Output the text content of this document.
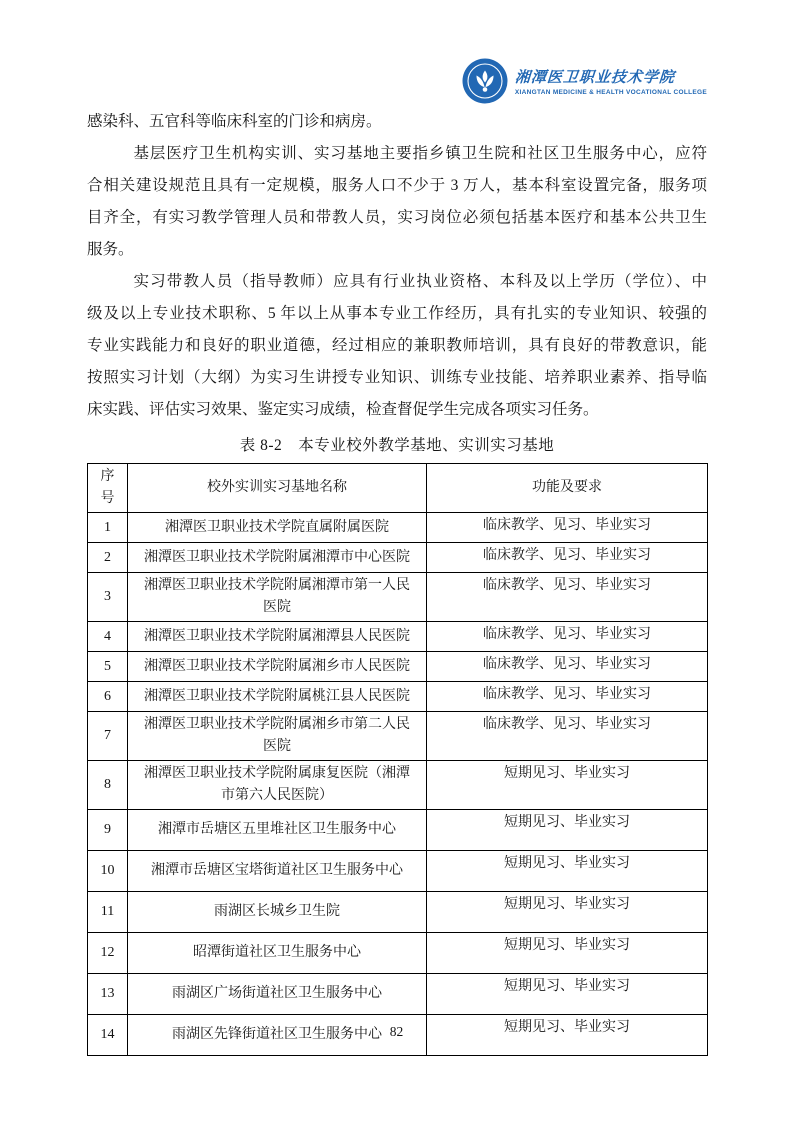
湘潭医卫职业技术学院
XIANGTAN MEDICINE & HEALTH VOCATIONAL COLLEGE
感染科、五官科等临床科室的门诊和病房。
基层医疗卫生机构实训、实习基地主要指乡镇卫生院和社区卫生服务中心，应符
合相关建设规范且具有一定规模，服务人口不少于 3 万人，基本科室设置完备，服务项
目齐全，有实习教学管理人员和带教人员，实习岗位必须包括基本医疗和基本公共卫生
服务。
实习带教人员（指导教师）应具有行业执业资格、本科及以上学历（学位）、中
级及以上专业技术职称、5 年以上从事本专业工作经历，具有扎实的专业知识、较强的
专业实践能力和良好的职业道德，经过相应的兼职教师培训，具有良好的带教意识，能
按照实习计划（大纲）为实习生讲授专业知识、训练专业技能、培养职业素养、指导临
床实践、评估实习效果、鉴定实习成绩，检查督促学生完成各项实习任务。
表 8-2　本专业校外教学基地、实训实习基地
序号	校外实训实习基地名称	功能及要求
1	湘潭医卫职业技术学院直属附属医院	临床教学、见习、毕业实习
2	湘潭医卫职业技术学院附属湘潭市中心医院	临床教学、见习、毕业实习
3	湘潭医卫职业技术学院附属湘潭市第一人民医院	临床教学、见习、毕业实习
4	湘潭医卫职业技术学院附属湘潭县人民医院	临床教学、见习、毕业实习
5	湘潭医卫职业技术学院附属湘乡市人民医院	临床教学、见习、毕业实习
6	湘潭医卫职业技术学院附属桃江县人民医院	临床教学、见习、毕业实习
7	湘潭医卫职业技术学院附属湘乡市第二人民医院	临床教学、见习、毕业实习
8	湘潭医卫职业技术学院附属康复医院（湘潭市第六人民医院）	短期见习、毕业实习
9	湘潭市岳塘区五里堆社区卫生服务中心	短期见习、毕业实习
10	湘潭市岳塘区宝塔街道社区卫生服务中心	短期见习、毕业实习
11	雨湖区长城乡卫生院	短期见习、毕业实习
12	昭潭街道社区卫生服务中心	短期见习、毕业实习
13	雨湖区广场街道社区卫生服务中心	短期见习、毕业实习
14	雨湖区先锋街道社区卫生服务中心	短期见习、毕业实习
82
